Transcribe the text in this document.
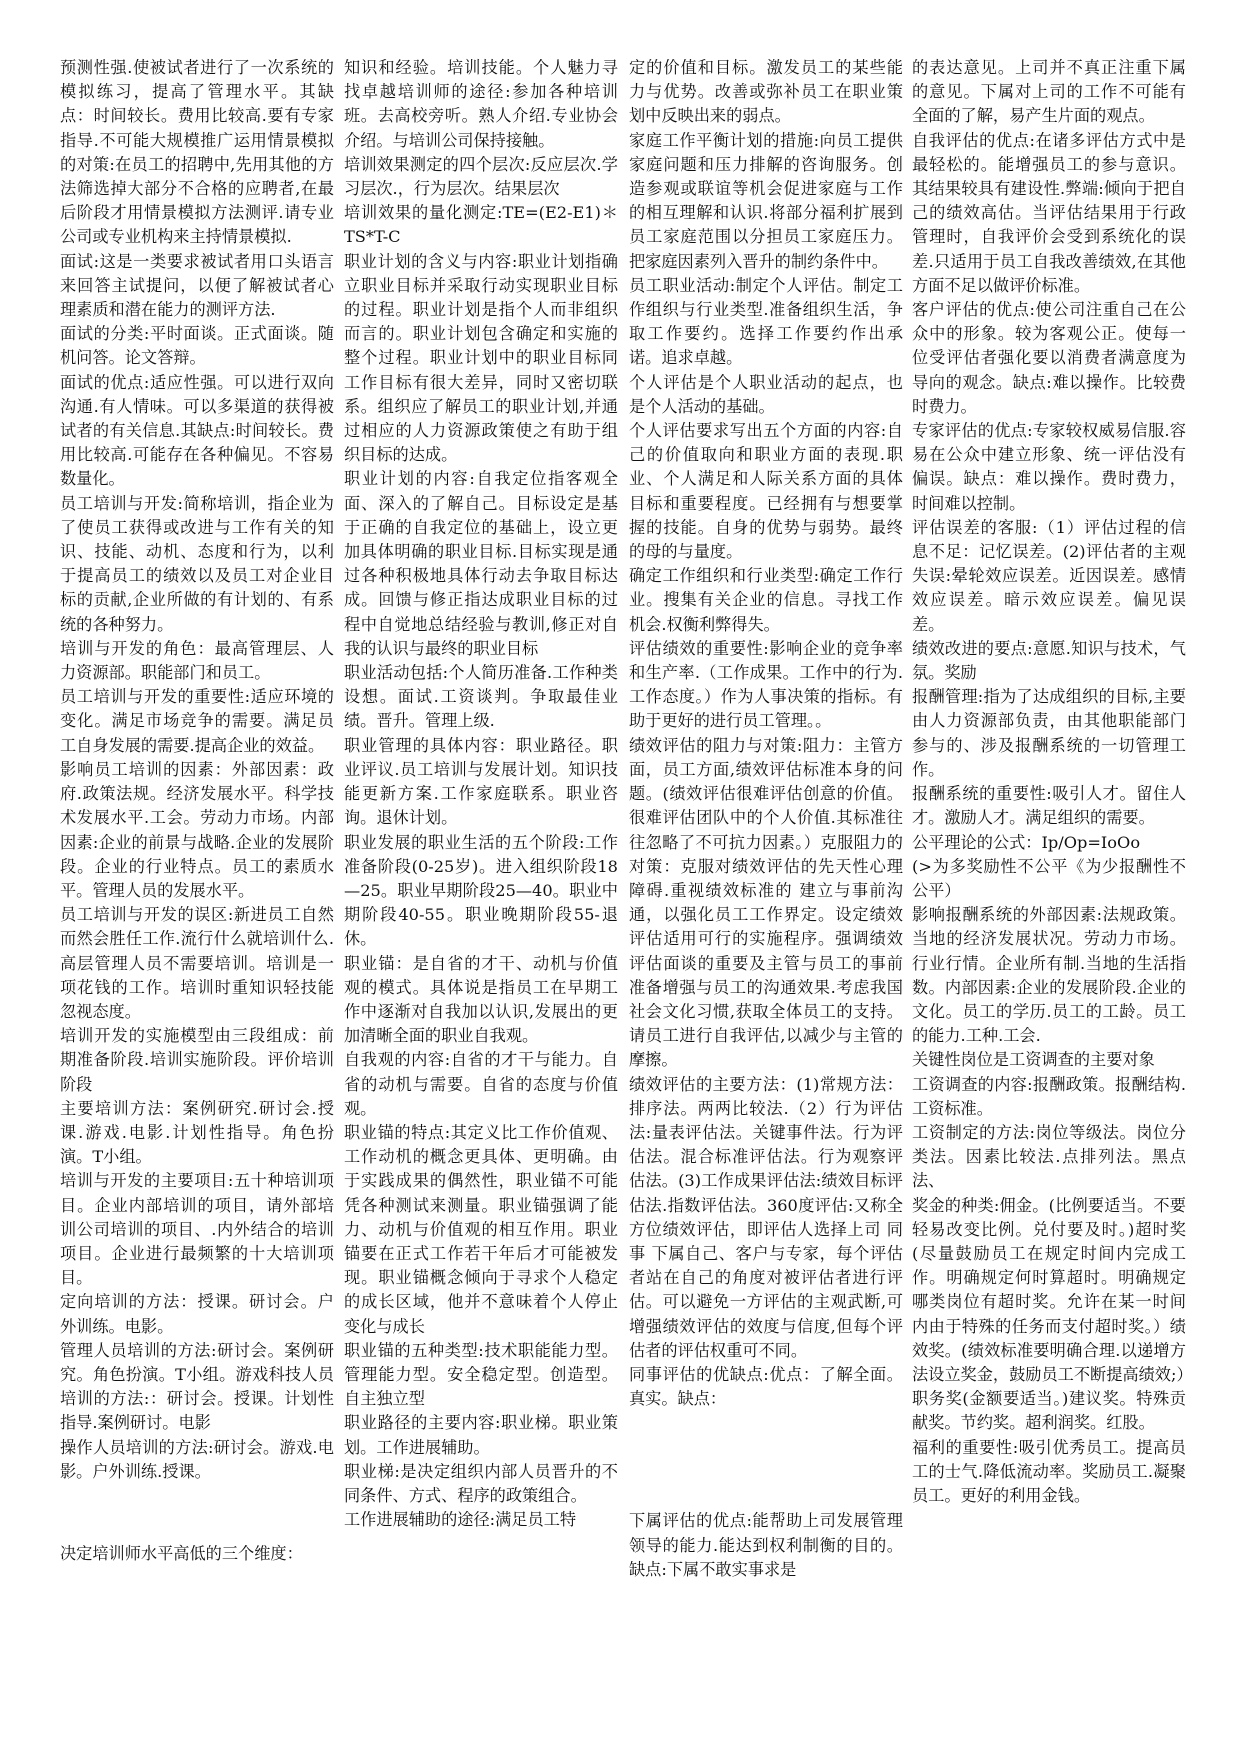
预测性强.使被试者进行了一次系统的模拟练习，提高了管理水平。其缺点：时间较长。费用比较高.要有专家指导.不可能大规模推广运用情景模拟的对策:在员工的招聘中,先用其他的方法筛选掉大部分不合格的应聘者,在最后阶段才用情景模拟方法测评.请专业公司或专业机构来主持情景模拟.

面试:这是一类要求被试者用口头语言来回答主试提问，以便了解被试者心理素质和潜在能力的测评方法.

面试的分类:平时面谈。正式面谈。随机问答。论文答辩。

面试的优点:适应性强。可以进行双向沟通.有人情味。可以多渠道的获得被试者的有关信息.其缺点:时间较长。费用比较高.可能存在各种偏见。不容易数量化。

员工培训与开发:简称培训，指企业为了使员工获得或改进与工作有关的知识、技能、动机、态度和行为，以利于提高员工的绩效以及员工对企业目标的贡献,企业所做的有计划的、有系统的各种努力。

培训与开发的角色：最高管理层、人力资源部。职能部门和员工。

员工培训与开发的重要性:适应环境的变化。满足市场竞争的需要。满足员工自身发展的需要.提高企业的效益。

影响员工培训的因素：外部因素：政府.政策法规。经济发展水平。科学技术发展水平.工会。劳动力市场。内部因素:企业的前景与战略.企业的发展阶段。企业的行业特点。员工的素质水平。管理人员的发展水平。

员工培训与开发的误区:新进员工自然而然会胜任工作.流行什么就培训什么.高层管理人员不需要培训。培训是一项花钱的工作。培训时重知识轻技能忽视态度。

培训开发的实施模型由三段组成：前期准备阶段.培训实施阶段。评价培训阶段

主要培训方法：案例研究.研讨会.授课.游戏.电影.计划性指导。角色扮演。T小组。

培训与开发的主要项目:五十种培训项目。企业内部培训的项目，请外部培训公司培训的项目、.内外结合的培训项目。企业进行最频繁的十大培训项目。

定向培训的方法：授课。研讨会。户外训练。电影。

管理人员培训的方法:研讨会。案例研究。角色扮演。T小组。游戏科技人员培训的方法:：研讨会。授课。计划性指导.案例研讨。电影

操作人员培训的方法:研讨会。游戏.电影。户外训练.授课。

决定培训师水平高低的三个维度：

知识和经验。培训技能。个人魅力寻找卓越培训师的途径:参加各种培训班。去高校旁听。熟人介绍.专业协会介绍。与培训公司保持接触。

培训效果测定的四个层次:反应层次.学习层次.，行为层次。结果层次

培训效果的量化测定:TE=(E2-E1)＊TS*T-C

职业计划的含义与内容:职业计划指确立职业目标并采取行动实现职业目标的过程。职业计划是指个人而非组织而言的。职业计划包含确定和实施的整个过程。职业计划中的职业目标同工作目标有很大差异，同时又密切联系。组织应了解员工的职业计划,并通过相应的人力资源政策使之有助于组织目标的达成。

职业计划的内容:自我定位指客观全面、深入的了解自己。目标设定是基于正确的自我定位的基础上，设立更加具体明确的职业目标.目标实现是通过各种积极地具体行动去争取目标达成。回馈与修正指达成职业目标的过程中自觉地总结经验与教训,修正对自我的认识与最终的职业目标

职业活动包括:个人简历准备.工作种类设想。面试.工资谈判。争取最佳业绩。晋升。管理上级.

职业管理的具体内容：职业路径。职业评议.员工培训与发展计划。知识技能更新方案.工作家庭联系。职业咨询。退休计划。

职业发展的职业生活的五个阶段:工作准备阶段(0-25岁)。进入组织阶段18—25。职业早期阶段25—40。职业中期阶段40-55。职业晚期阶段55-退休。

职业锚：是自省的才干、动机与价值观的模式。具体说是指员工在早期工作中逐渐对自我加以认识,发展出的更加清晰全面的职业自我观。

自我观的内容:自省的才干与能力。自省的动机与需要。自省的态度与价值观。

职业锚的特点:其定义比工作价值观、工作动机的概念更具体、更明确。由于实践成果的偶然性，职业锚不可能凭各种测试来测量。职业锚强调了能力、动机与价值观的相互作用。职业锚要在正式工作若干年后才可能被发现。职业锚概念倾向于寻求个人稳定的成长区域，他并不意味着个人停止变化与成长

职业锚的五种类型:技术职能能力型。管理能力型。安全稳定型。创造型。自主独立型

职业路径的主要内容:职业梯。职业策划。工作进展辅助。

职业梯:是决定组织内部人员晋升的不同条件、方式、程序的政策组合。

工作进展辅助的途径:满足员工特

定的价值和目标。激发员工的某些能力与优势。改善或弥补员工在职业策划中反映出来的弱点。

家庭工作平衡计划的措施:向员工提供家庭问题和压力排解的咨询服务。创造参观或联谊等机会促进家庭与工作的相互理解和认识.将部分福利扩展到员工家庭范围以分担员工家庭压力。把家庭因素列入晋升的制约条件中。

员工职业活动:制定个人评估。制定工作组织与行业类型.准备组织生活，争取工作要约。选择工作要约作出承诺。追求卓越。

个人评估是个人职业活动的起点，也是个人活动的基础。

个人评估要求写出五个方面的内容:自己的价值取向和职业方面的表现.职业、个人满足和人际关系方面的具体目标和重要程度。已经拥有与想要掌握的技能。自身的优势与弱势。最终的母的与量度。

确定工作组织和行业类型:确定工作行业。搜集有关企业的信息。寻找工作机会.权衡利弊得失。

评估绩效的重要性:影响企业的竞争率和生产率.（工作成果。工作中的行为.工作态度。）作为人事决策的指标。有助于更好的进行员工管理。。

绩效评估的阻力与对策:阻力：主管方面，员工方面,绩效评估标准本身的问题。(绩效评估很难评估创意的价值。很难评估团队中的个人价值.其标准往往忽略了不可抗力因素。）克服阻力的对策：克服对绩效评估的先天性心理障碍.重视绩效标准的 建立与事前沟通，以强化员工工作界定。设定绩效评估适用可行的实施程序。强调绩效评估面谈的重要及主管与员工的事前准备增强与员工的沟通效果.考虑我国社会文化习惯,获取全体员工的支持。请员工进行自我评估,以减少与主管的摩擦。

绩效评估的主要方法：(1)常规方法：排序法。两两比较法.（2）行为评估法:量表评估法。关键事件法。行为评估法。混合标准评估法。行为观察评估法。(3)工作成果评估法:绩效目标评估法.指数评估法。360度评估:又称全方位绩效评估，即评估人选择上司 同事 下属自己、客户与专家，每个评估者站在自己的角度对被评估者进行评估。可以避免一方评估的主观武断,可增强绩效评估的效度与信度,但每个评估者的评估权重可不同。

同事评估的优缺点:优点：了解全面。真实。缺点：

下属评估的优点:能帮助上司发展管理领导的能力.能达到权利制衡的目的。缺点:下属不敢实事求是

的表达意见。上司并不真正注重下属的意见。下属对上司的工作不可能有全面的了解，易产生片面的观点。

自我评估的优点:在诸多评估方式中是最轻松的。能增强员工的参与意识。其结果较具有建设性.弊端:倾向于把自己的绩效高估。当评估结果用于行政管理时，自我评价会受到系统化的误差.只适用于员工自我改善绩效,在其他方面不足以做评价标准。

客户评估的优点:使公司注重自己在公众中的形象。较为客观公正。使每一位受评估者强化要以消费者满意度为导向的观念。缺点:难以操作。比较费时费力。

专家评估的优点:专家较权威易信服.容易在公众中建立形象、统一评估没有偏误。缺点：难以操作。费时费力，时间难以控制。

评估误差的客服:（1）评估过程的信息不足：记忆误差。(2)评估者的主观失误:晕轮效应误差。近因误差。感情效应误差。暗示效应误差。偏见误差。

绩效改进的要点:意愿.知识与技术，气氛。奖励

报酬管理:指为了达成组织的目标,主要由人力资源部负责，由其他职能部门参与的、涉及报酬系统的一切管理工作。

报酬系统的重要性:吸引人才。留住人才。激励人才。满足组织的需要。

公平理论的公式：Ip/Op=IoOo

(>为多奖励性不公平《为少报酬性不公平）

影响报酬系统的外部因素:法规政策。当地的经济发展状况。劳动力市场。行业行情。企业所有制.当地的生活指数。内部因素:企业的发展阶段.企业的文化。员工的学历.员工的工龄。员工的能力.工种.工会.

关键性岗位是工资调查的主要对象

工资调查的内容:报酬政策。报酬结构.工资标准。

工资制定的方法:岗位等级法。岗位分类法。因素比较法.点排列法。黑点法、

奖金的种类:佣金。(比例要适当。不要轻易改变比例。兑付要及时。)超时奖(尽量鼓励员工在规定时间内完成工作。明确规定何时算超时。明确规定哪类岗位有超时奖。允许在某一时间内由于特殊的任务而支付超时奖。）绩效奖。(绩效标准要明确合理.以递增方法设立奖金，鼓励员工不断提高绩效;）

职务奖(金额要适当。)建议奖。特殊贡献奖。节约奖。超利润奖。红股。

福利的重要性:吸引优秀员工。提高员工的士气.降低流动率。奖励员工.凝聚员工。更好的利用金钱。
